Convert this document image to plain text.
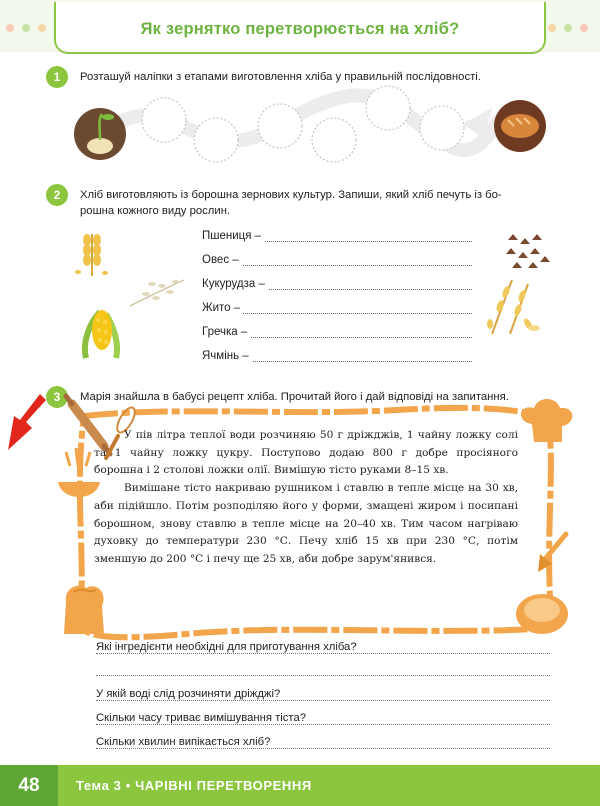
Як зернятко перетворюється на хліб?
1	Розташуй наліпки з етапами виготовлення хліба у правильній послідовності.
2	Хліб виготовляють із борошна зернових культур. Запиши, який хліб печуть із бо-
рошна кожного виду рослин.
Пшениця –
Овес –
Кукурудза –
Жито –
Гречка –
Ячмінь –
3	Марія знайшла в бабусі рецепт хліба. Прочитай його і дай відповіді на запитання.

У пів літра теплої води розчиняю 50 г дріжджів, 1 чайну ложку солі та 1 чайну ложку цукру. Поступово додаю 800 г добре просіяного борошна і 2 столові ложки олії. Вимішую тісто руками 8–15 хв.

Вимішане тісто накриваю рушником і ставлю в тепле місце на 30 хв, аби підійшло. Потім розподіляю його у форми, змащені жиром і посипані борошном, знову ставлю в тепле місце на 20–40 хв. Тим часом нагріваю духовку до температури 230 °С. Печу хліб 15 хв при 230 °С, потім зменшую до 200 °С і печу ще 25 хв, аби добре зарум'янився.

Які інгредієнти необхідні для приготування хліба?
У якій воді слід розчиняти дріжджі?
Скільки часу триває вимішування тіста?
Скільки хвилин випікається хліб?
48	Тема 3 • ЧАРІВНІ ПЕРЕТВОРЕННЯ
